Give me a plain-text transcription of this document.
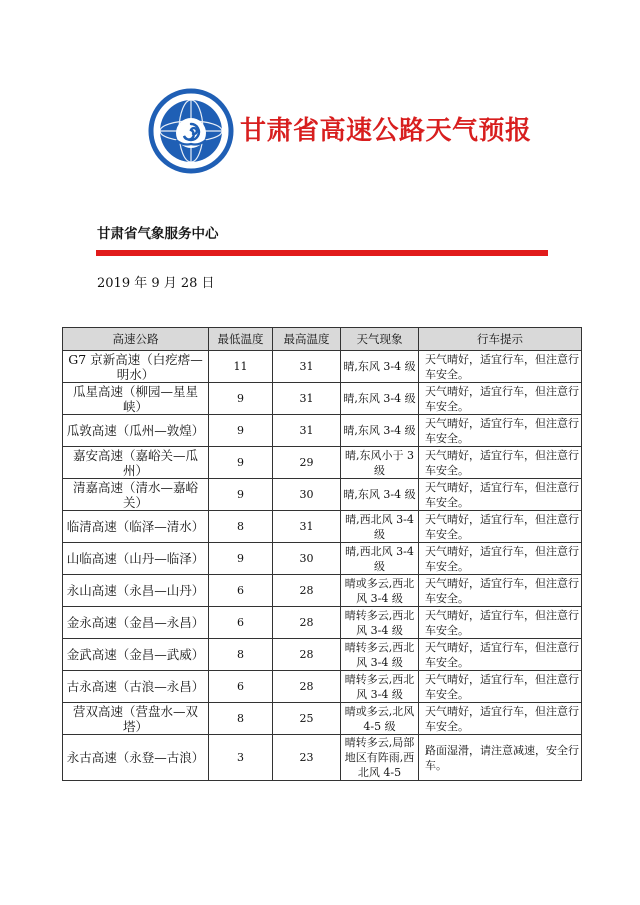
甘肃省高速公路天气预报
甘肃省气象服务中心
2019 年 9 月 28 日
高速公路	最低温度	最高温度	天气现象	行车提示
G7 京新高速（白疙瘩—明水）	11	31	晴,东风 3-4 级	天气晴好，适宜行车，但注意行车安全。
瓜星高速（柳园—星星峡）	9	31	晴,东风 3-4 级	天气晴好，适宜行车，但注意行车安全。
瓜敦高速（瓜州—敦煌）	9	31	晴,东风 3-4 级	天气晴好，适宜行车，但注意行车安全。
嘉安高速（嘉峪关—瓜州）	9	29	晴,东风小于 3 级	天气晴好，适宜行车，但注意行车安全。
清嘉高速（清水—嘉峪关）	9	30	晴,东风 3-4 级	天气晴好，适宜行车，但注意行车安全。
临清高速（临泽—清水）	8	31	晴,西北风 3-4 级	天气晴好，适宜行车，但注意行车安全。
山临高速（山丹—临泽）	9	30	晴,西北风 3-4 级	天气晴好，适宜行车，但注意行车安全。
永山高速（永昌—山丹）	6	28	晴或多云,西北风 3-4 级	天气晴好，适宜行车，但注意行车安全。
金永高速（金昌—永昌）	6	28	晴转多云,西北风 3-4 级	天气晴好，适宜行车，但注意行车安全。
金武高速（金昌—武威）	8	28	晴转多云,西北风 3-4 级	天气晴好，适宜行车，但注意行车安全。
古永高速（古浪—永昌）	6	28	晴转多云,西北风 3-4 级	天气晴好，适宜行车，但注意行车安全。
营双高速（营盘水—双塔）	8	25	晴或多云,北风 4-5 级	天气晴好，适宜行车，但注意行车安全。
永古高速（永登—古浪）	3	23	晴转多云,局部地区有阵雨,西北风 4-5	路面湿滑，请注意减速，安全行车。
